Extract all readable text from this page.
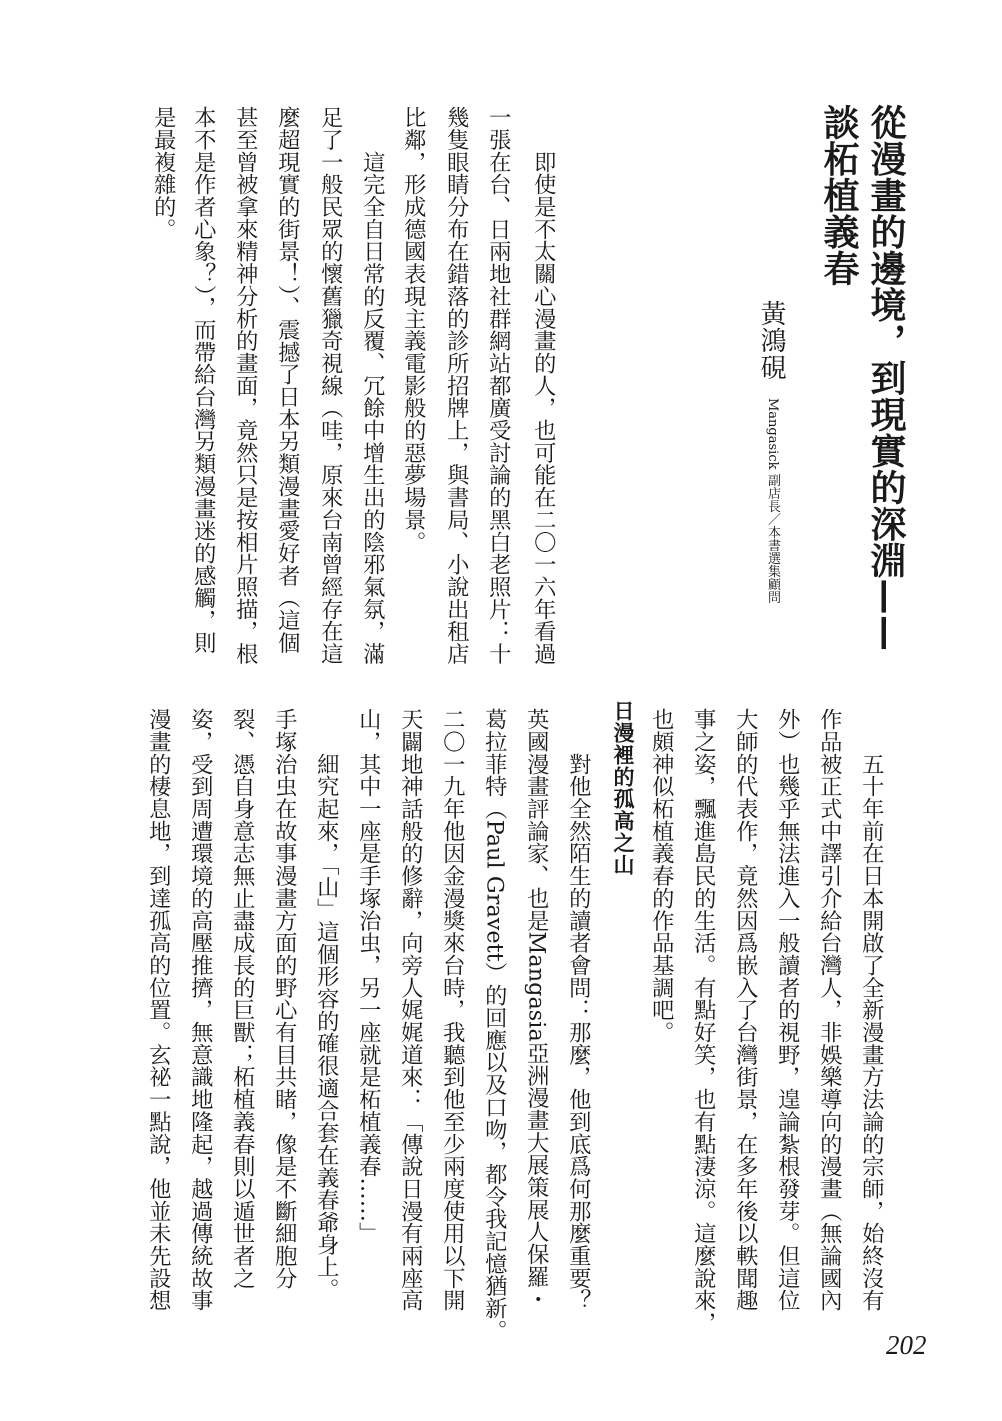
從漫畫的邊境，到現實的深淵——
談柘植義春
黃鴻硯
Mangasick 副店長／本書選集顧問
　　即使是不太關心漫畫的人，也可能在二〇一六年看過
一張在台、日兩地社群網站都廣受討論的黑白老照片：十
幾隻眼睛分布在錯落的診所招牌上，與書局、小說出租店
比鄰，形成德國表現主義電影般的惡夢場景。
　　這完全自日常的反覆、冗餘中增生出的陰邪氣氛，滿
足了一般民眾的懷舊獵奇視線（哇，原來台南曾經存在這
麼超現實的街景！）、震撼了日本另類漫畫愛好者（這個
甚至曾被拿來精神分析的畫面，竟然只是按相片照描，根
本不是作者心象？），而帶給台灣另類漫畫迷的感觸，則
是最複雜的。
　　五十年前在日本開啟了全新漫畫方法論的宗師，始終沒有
作品被正式中譯引介給台灣人，非娛樂導向的漫畫（無論國內
外）也幾乎無法進入一般讀者的視野，遑論紮根發芽。但這位
大師的代表作，竟然因爲嵌入了台灣街景，在多年後以軼聞趣
事之姿，飄進島民的生活。有點好笑，也有點淒涼。這麼說來，
也頗神似柘植義春的作品基調吧。
日漫裡的孤高之山
　　對他全然陌生的讀者會問：那麼，他到底爲何那麼重要？
英國漫畫評論家、也是Mangasia亞洲漫畫大展策展人保羅・
葛拉菲特（Paul Gravett）的回應以及口吻，都令我記憶猶新。
二〇一九年他因金漫獎來台時，我聽到他至少兩度使用以下開
天闢地神話般的修辭，向旁人娓娓道來：「傳說日漫有兩座高
山，其中一座是手塚治虫，另一座就是柘植義春……」
　　細究起來，「山」這個形容的確很適合套在義春爺身上。
手塚治虫在故事漫畫方面的野心有目共睹，像是不斷細胞分
裂、憑自身意志無止盡成長的巨獸；柘植義春則以遁世者之
姿，受到周遭環境的高壓推擠，無意識地隆起，越過傳統故事
漫畫的棲息地，到達孤高的位置。玄祕一點說，他並未先設想
202
